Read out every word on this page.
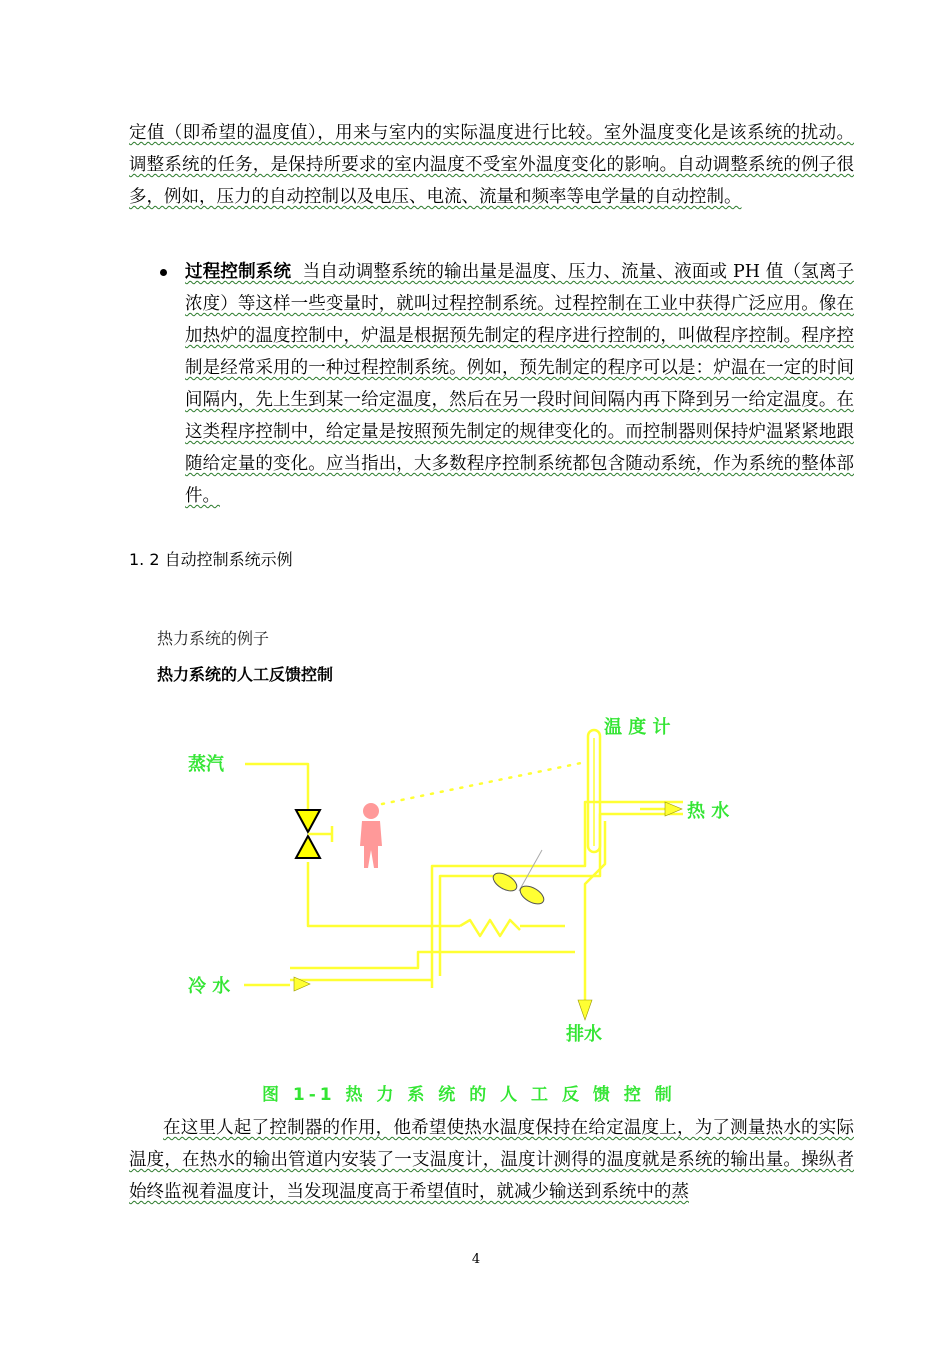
定值（即希望的温度值），用来与室内的实际温度进行比较。室外温度变化是该系统的扰动。调整系统的任务，是保持所要求的室内温度不受室外温度变化的影响。自动调整系统的例子很多，例如，压力的自动控制以及电压、电流、流量和频率等电学量的自动控制。
过程控制系统 当自动调整系统的输出量是温度、压力、流量、液面或 PH 值（氢离子浓度）等这样一些变量时，就叫过程控制系统。过程控制在工业中获得广泛应用。像在加热炉的温度控制中，炉温是根据预先制定的程序进行控制的，叫做程序控制。程序控制是经常采用的一种过程控制系统。例如，预先制定的程序可以是：炉温在一定的时间间隔内，先上生到某一给定温度，然后在另一段时间间隔内再下降到另一给定温度。在这类程序控制中，给定量是按照预先制定的规律变化的。而控制器则保持炉温紧紧地跟随给定量的变化。应当指出，大多数程序控制系统都包含随动系统，作为系统的整体部件。
1. 2 自动控制系统示例
热力系统的例子
热力系统的人工反馈控制
蒸汽
温 度 计
热 水
冷 水
排水
图 1-1 热 力 系 统 的 人 工 反 馈 控 制
在这里人起了控制器的作用，他希望使热水温度保持在给定温度上，为了测量热水的实际温度，在热水的输出管道内安装了一支温度计，温度计测得的温度就是系统的输出量。操纵者始终监视着温度计，当发现温度高于希望值时，就减少输送到系统中的蒸
4
